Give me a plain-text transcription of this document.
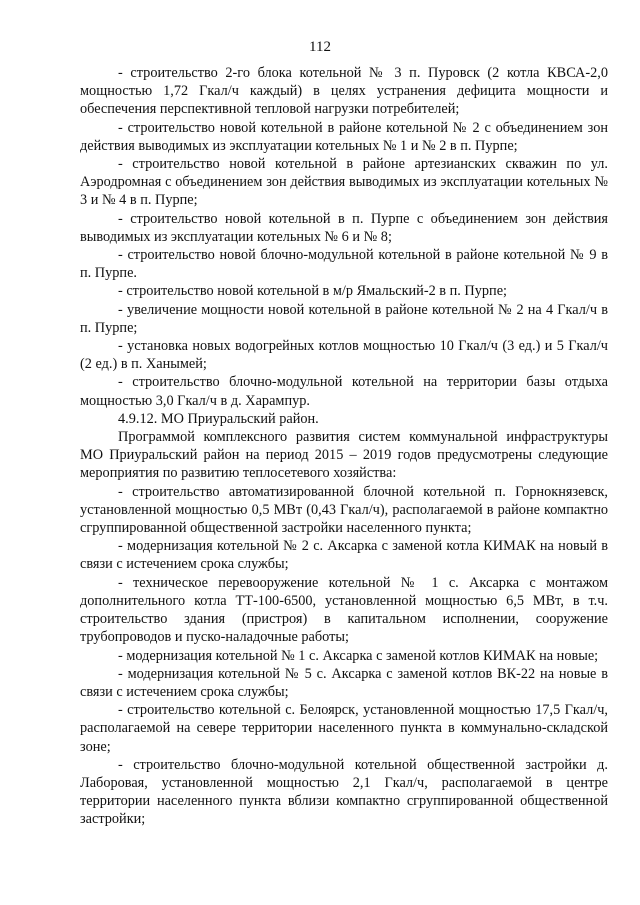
112

- строительство 2-го блока котельной № 3 п. Пуровск (2 котла КВСА-2,0 мощностью 1,72 Гкал/ч каждый) в целях устранения дефицита мощности и обеспечения перспективной тепловой нагрузки потребителей;

- строительство новой котельной в районе котельной № 2 с объединением зон действия выводимых из эксплуатации котельных № 1 и № 2 в п. Пурпе;

- строительство новой котельной в районе артезианских скважин по ул. Аэродромная с объединением зон действия выводимых из эксплуатации котельных № 3 и № 4 в п. Пурпе;

- строительство новой котельной в п. Пурпе с объединением зон действия выводимых из эксплуатации котельных № 6 и № 8;

- строительство новой блочно-модульной котельной в районе котельной № 9 в п. Пурпе.

- строительство новой котельной в м/р Ямальский-2 в п. Пурпе;

- увеличение мощности новой котельной в районе котельной № 2 на 4 Гкал/ч в п. Пурпе;

- установка новых водогрейных котлов мощностью 10 Гкал/ч (3 ед.) и 5 Гкал/ч (2 ед.) в п. Ханымей;

- строительство блочно-модульной котельной на территории базы отдыха мощностью 3,0 Гкал/ч в д. Харампур.

4.9.12. МО Приуральский район.

Программой комплексного развития систем коммунальной инфраструктуры МО Приуральский район на период 2015 – 2019 годов предусмотрены следующие мероприятия по развитию теплосетевого хозяйства:

- строительство автоматизированной блочной котельной п. Горнокнязевск, установленной мощностью 0,5 МВт (0,43 Гкал/ч), располагаемой в районе компактно сгруппированной общественной застройки населенного пункта;

- модернизация котельной № 2 с. Аксарка с заменой котла КИМАК на новый в связи с истечением срока службы;

- техническое перевооружение котельной № 1 с. Аксарка с монтажом дополнительного котла ТТ-100-6500, установленной мощностью 6,5 МВт, в т.ч. строительство здания (пристроя) в капитальном исполнении, сооружение трубопроводов и пуско-наладочные работы;

- модернизация котельной № 1 с. Аксарка с заменой котлов КИМАК на новые;

- модернизация котельной № 5 с. Аксарка с заменой котлов ВК-22 на новые в связи с истечением срока службы;

- строительство котельной с. Белоярск, установленной мощностью 17,5 Гкал/ч, располагаемой на севере территории населенного пункта в коммунально-складской зоне;

- строительство блочно-модульной котельной общественной застройки д. Лаборовая, установленной мощностью 2,1 Гкал/ч, располагаемой в центре территории населенного пункта вблизи компактно сгруппированной общественной застройки;
